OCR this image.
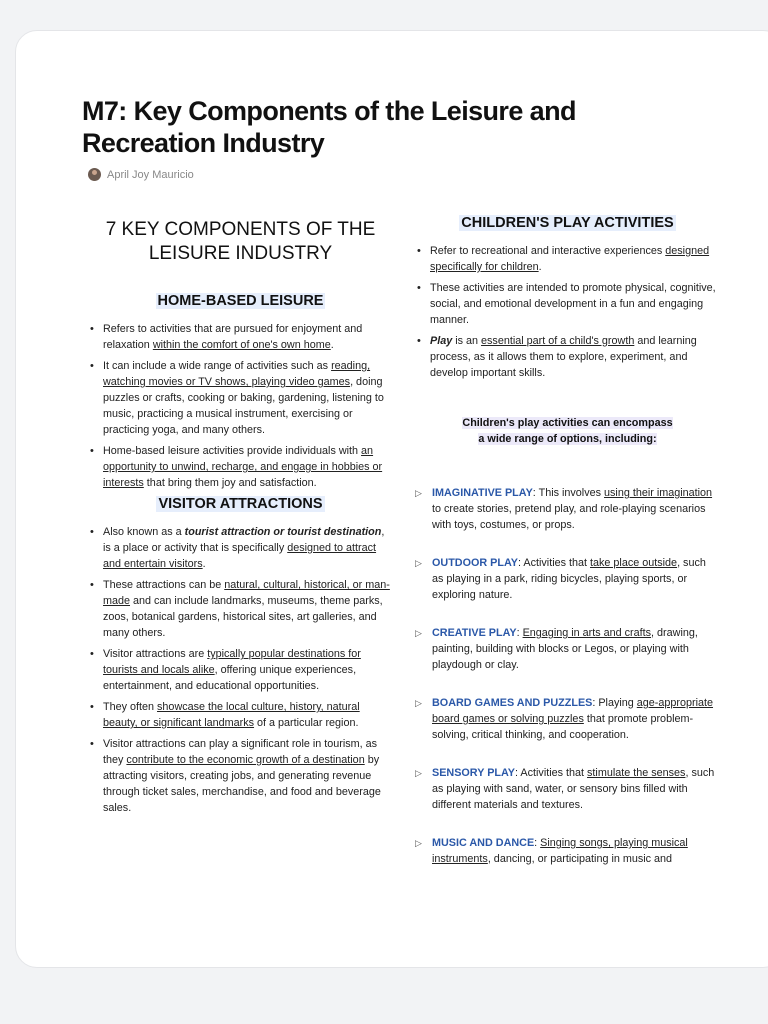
M7: Key Components of the Leisure and Recreation Industry
April Joy Mauricio
7 KEY COMPONENTS OF THE LEISURE INDUSTRY
HOME-BASED LEISURE
• Refers to activities that are pursued for enjoyment and relaxation within the comfort of one's own home.
• It can include a wide range of activities such as reading, watching movies or TV shows, playing video games, doing puzzles or crafts, cooking or baking, gardening, listening to music, practicing a musical instrument, exercising or practicing yoga, and many others.
• Home-based leisure activities provide individuals with an opportunity to unwind, recharge, and engage in hobbies or interests that bring them joy and satisfaction.
VISITOR ATTRACTIONS
• Also known as a tourist attraction or tourist destination, is a place or activity that is specifically designed to attract and entertain visitors.
• These attractions can be natural, cultural, historical, or man-made and can include landmarks, museums, theme parks, zoos, botanical gardens, historical sites, art galleries, and many others.
• Visitor attractions are typically popular destinations for tourists and locals alike, offering unique experiences, entertainment, and educational opportunities.
• They often showcase the local culture, history, natural beauty, or significant landmarks of a particular region.
• Visitor attractions can play a significant role in tourism, as they contribute to the economic growth of a destination by attracting visitors, creating jobs, and generating revenue through ticket sales, merchandise, and food and beverage sales.
CHILDREN'S PLAY ACTIVITIES
• Refer to recreational and interactive experiences designed specifically for children.
• These activities are intended to promote physical, cognitive, social, and emotional development in a fun and engaging manner.
• Play is an essential part of a child's growth and learning process, as it allows them to explore, experiment, and develop important skills.
Children's play activities can encompass
a wide range of options, including:
▷ IMAGINATIVE PLAY: This involves using their imagination to create stories, pretend play, and role-playing scenarios with toys, costumes, or props.
▷ OUTDOOR PLAY: Activities that take place outside, such as playing in a park, riding bicycles, playing sports, or exploring nature.
▷ CREATIVE PLAY: Engaging in arts and crafts, drawing, painting, building with blocks or Legos, or playing with playdough or clay.
▷ BOARD GAMES AND PUZZLES: Playing age-appropriate board games or solving puzzles that promote problem-solving, critical thinking, and cooperation.
▷ SENSORY PLAY: Activities that stimulate the senses, such as playing with sand, water, or sensory bins filled with different materials and textures.
▷ MUSIC AND DANCE: Singing songs, playing musical instruments, dancing, or participating in music and
